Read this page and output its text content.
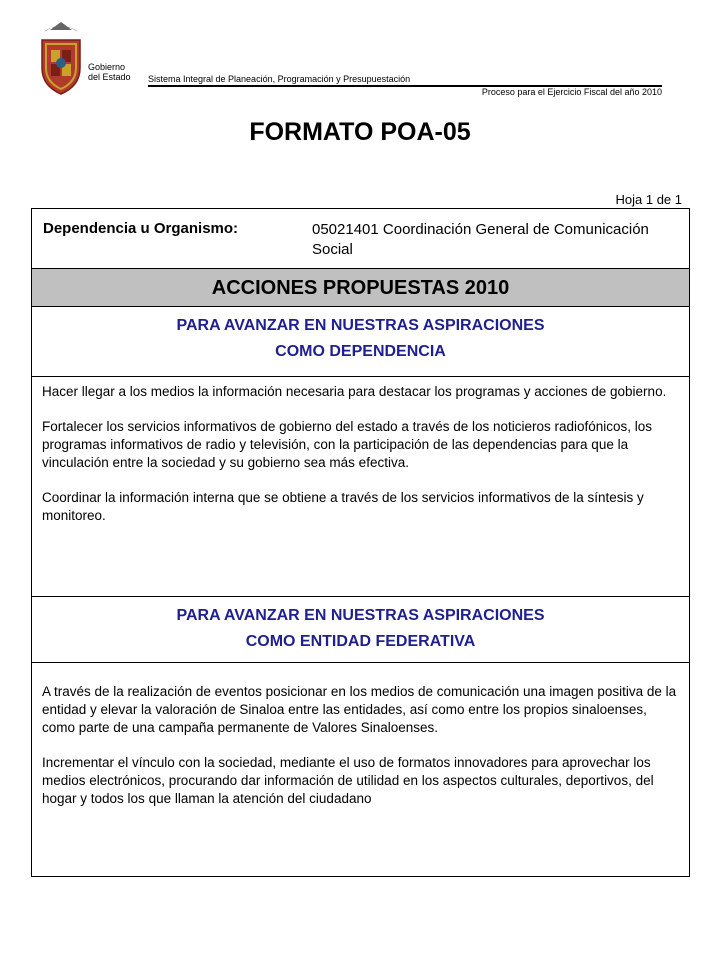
Gobierno
del Estado Sistema Integral de Planeación, Programación y Presupuestación
Proceso para el Ejercicio Fiscal del año 2010
FORMATO POA-05
Hoja 1 de 1
Dependencia u Organismo:	05021401 Coordinación General de Comunicación Social
ACCIONES PROPUESTAS 2010
PARA AVANZAR EN NUESTRAS ASPIRACIONES
COMO DEPENDENCIA

Hacer llegar a los medios la información necesaria para destacar los programas y acciones de gobierno.

Fortalecer los servicios informativos de gobierno del estado a través de los noticieros radiofónicos, los programas informativos de radio y televisión, con la participación de las dependencias para que la vinculación entre la sociedad y su gobierno sea más efectiva.

Coordinar la información interna que se obtiene a través de los servicios informativos de la síntesis y monitoreo.

PARA AVANZAR EN NUESTRAS ASPIRACIONES
COMO ENTIDAD FEDERATIVA

A través de la realización de eventos posicionar en los medios de comunicación una imagen positiva de la entidad y elevar la valoración de Sinaloa entre las entidades, así como entre los propios sinaloenses, como parte de una campaña permanente de Valores Sinaloenses.

Incrementar el vínculo con la sociedad, mediante el uso de formatos innovadores para aprovechar los medios electrónicos, procurando dar información de utilidad en los aspectos culturales, deportivos, del hogar y todos los que llaman la atención del ciudadano
